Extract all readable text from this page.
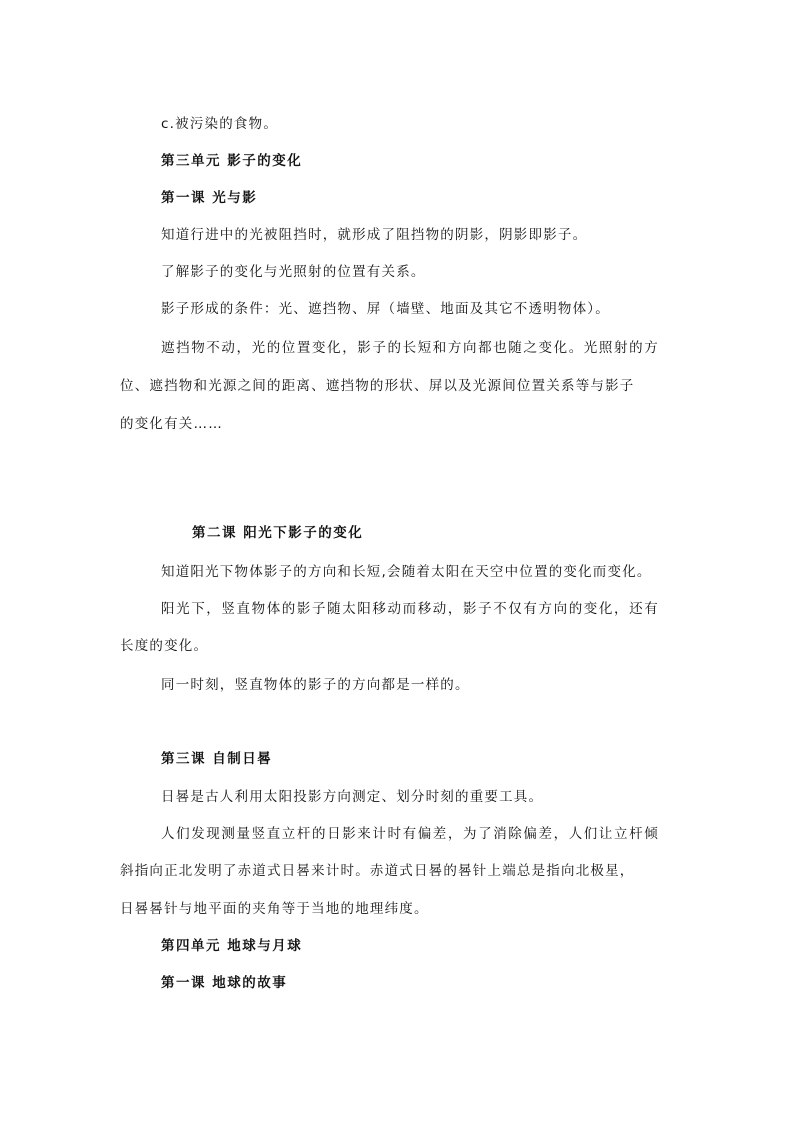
c.被污染的食物。
第三单元 影子的变化
第一课 光与影
知道行进中的光被阻挡时，就形成了阻挡物的阴影，阴影即影子。
了解影子的变化与光照射的位置有关系。
影子形成的条件：光、遮挡物、屏（墙壁、地面及其它不透明物体）。
遮挡物不动，光的位置变化，影子的长短和方向都也随之变化。光照射的方
位、遮挡物和光源之间的距离、遮挡物的形状、屏以及光源间位置关系等与影子
的变化有关……
第二课 阳光下影子的变化
知道阳光下物体影子的方向和长短,会随着太阳在天空中位置的变化而变化。
阳光下，竖直物体的影子随太阳移动而移动，影子不仅有方向的变化，还有
长度的变化。
同一时刻，竖直物体的影子的方向都是一样的。
第三课 自制日晷
日晷是古人利用太阳投影方向测定、划分时刻的重要工具。
人们发现测量竖直立杆的日影来计时有偏差，为了消除偏差，人们让立杆倾
斜指向正北发明了赤道式日晷来计时。赤道式日晷的晷针上端总是指向北极星，
日晷晷针与地平面的夹角等于当地的地理纬度。
第四单元 地球与月球
第一课 地球的故事
